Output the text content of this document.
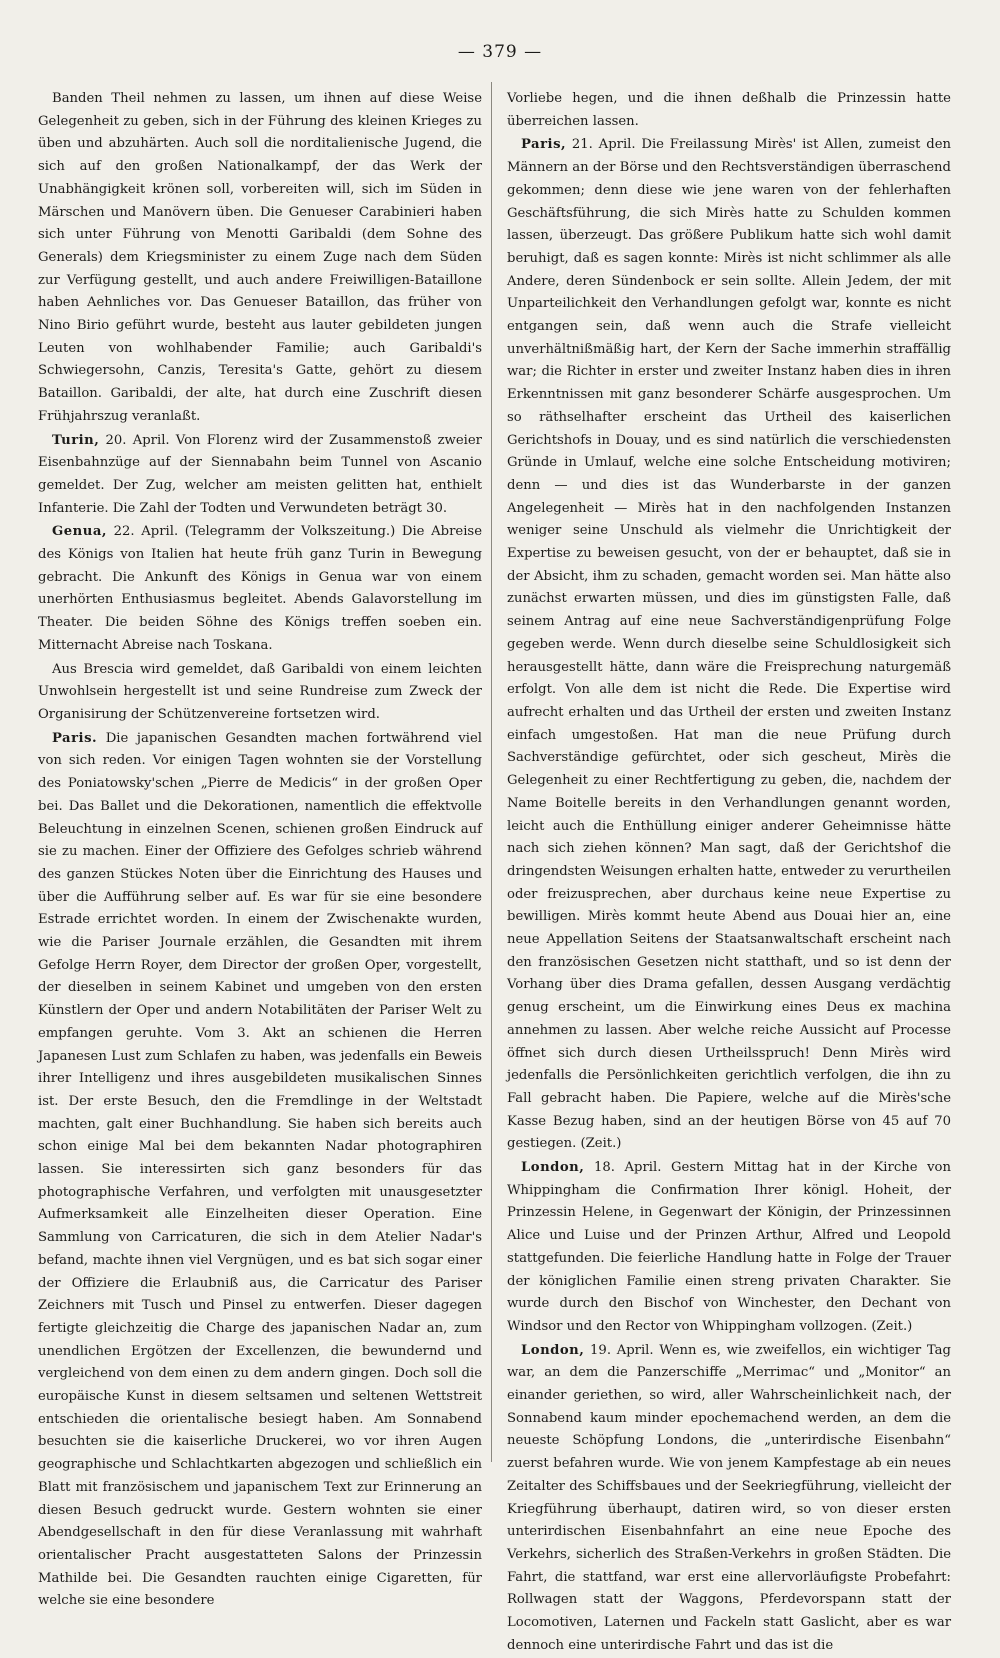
— 379 —

Banden Theil nehmen zu lassen, um ihnen auf diese Weise Gelegenheit zu geben, sich in der Führung des kleinen Krieges zu üben und abzuhärten. Auch soll die norditalienische Jugend, die sich auf den großen Nationalkampf, der das Werk der Unabhängigkeit krönen soll, vorbereiten will, sich im Süden in Märschen und Manövern üben. Die Genueser Carabinieri haben sich unter Führung von Menotti Garibaldi (dem Sohne des Generals) dem Kriegsminister zu einem Zuge nach dem Süden zur Verfügung gestellt, und auch andere Freiwilligen-Bataillone haben Aehnliches vor. Das Genueser Bataillon, das früher von Nino Birio geführt wurde, besteht aus lauter gebildeten jungen Leuten von wohlhabender Familie; auch Garibaldi's Schwiegersohn, Canzis, Teresita's Gatte, gehört zu diesem Bataillon. Garibaldi, der alte, hat durch eine Zuschrift diesen Frühjahrszug veranlaßt.

Turin, 20. April. Von Florenz wird der Zusammenstoß zweier Eisenbahnzüge auf der Siennabahn beim Tunnel von Ascanio gemeldet. Der Zug, welcher am meisten gelitten hat, enthielt Infanterie. Die Zahl der Todten und Verwundeten beträgt 30.

Genua, 22. April. (Telegramm der Volkszeitung.) Die Abreise des Königs von Italien hat heute früh ganz Turin in Bewegung gebracht. Die Ankunft des Königs in Genua war von einem unerhörten Enthusiasmus begleitet. Abends Galavorstellung im Theater. Die beiden Söhne des Königs treffen soeben ein. Mitternacht Abreise nach Toskana.

Aus Brescia wird gemeldet, daß Garibaldi von einem leichten Unwohlsein hergestellt ist und seine Rundreise zum Zweck der Organisirung der Schützenvereine fortsetzen wird.

Paris. Die japanischen Gesandten machen fortwährend viel von sich reden. Vor einigen Tagen wohnten sie der Vorstellung des Poniatowsky'schen „Pierre de Medicis“ in der großen Oper bei. Das Ballet und die Dekorationen, namentlich die effektvolle Beleuchtung in einzelnen Scenen, schienen großen Eindruck auf sie zu machen. Einer der Offiziere des Gefolges schrieb während des ganzen Stückes Noten über die Einrichtung des Hauses und über die Aufführung selber auf. Es war für sie eine besondere Estrade errichtet worden. In einem der Zwischenakte wurden, wie die Pariser Journale erzählen, die Gesandten mit ihrem Gefolge Herrn Royer, dem Director der großen Oper, vorgestellt, der dieselben in seinem Kabinet und umgeben von den ersten Künstlern der Oper und andern Notabilitäten der Pariser Welt zu empfangen geruhte. Vom 3. Akt an schienen die Herren Japanesen Lust zum Schlafen zu haben, was jedenfalls ein Beweis ihrer Intelligenz und ihres ausgebildeten musikalischen Sinnes ist. Der erste Besuch, den die Fremdlinge in der Weltstadt machten, galt einer Buchhandlung. Sie haben sich bereits auch schon einige Mal bei dem bekannten Nadar photographiren lassen. Sie interessirten sich ganz besonders für das photographische Verfahren, und verfolgten mit unausgesetzter Aufmerksamkeit alle Einzelheiten dieser Operation. Eine Sammlung von Carricaturen, die sich in dem Atelier Nadar's befand, machte ihnen viel Vergnügen, und es bat sich sogar einer der Offiziere die Erlaubniß aus, die Carricatur des Pariser Zeichners mit Tusch und Pinsel zu entwerfen. Dieser dagegen fertigte gleichzeitig die Charge des japanischen Nadar an, zum unendlichen Ergötzen der Excellenzen, die bewundernd und vergleichend von dem einen zu dem andern gingen. Doch soll die europäische Kunst in diesem seltsamen und seltenen Wettstreit entschieden die orientalische besiegt haben. Am Sonnabend besuchten sie die kaiserliche Druckerei, wo vor ihren Augen geographische und Schlachtkarten abgezogen und schließlich ein Blatt mit französischem und japanischem Text zur Erinnerung an diesen Besuch gedruckt wurde. Gestern wohnten sie einer Abendgesellschaft in den für diese Veranlassung mit wahrhaft orientalischer Pracht ausgestatteten Salons der Prinzessin Mathilde bei. Die Gesandten rauchten einige Cigaretten, für welche sie eine besondere

Vorliebe hegen, und die ihnen deßhalb die Prinzessin hatte überreichen lassen.

Paris, 21. April. Die Freilassung Mirès' ist Allen, zumeist den Männern an der Börse und den Rechtsverständigen überraschend gekommen; denn diese wie jene waren von der fehlerhaften Geschäftsführung, die sich Mirès hatte zu Schulden kommen lassen, überzeugt. Das größere Publikum hatte sich wohl damit beruhigt, daß es sagen konnte: Mirès ist nicht schlimmer als alle Andere, deren Sündenbock er sein sollte. Allein Jedem, der mit Unparteilichkeit den Verhandlungen gefolgt war, konnte es nicht entgangen sein, daß wenn auch die Strafe vielleicht unverhältnißmäßig hart, der Kern der Sache immerhin straffällig war; die Richter in erster und zweiter Instanz haben dies in ihren Erkenntnissen mit ganz besonderer Schärfe ausgesprochen. Um so räthselhafter erscheint das Urtheil des kaiserlichen Gerichtshofs in Douay, und es sind natürlich die verschiedensten Gründe in Umlauf, welche eine solche Entscheidung motiviren; denn — und dies ist das Wunderbarste in der ganzen Angelegenheit — Mirès hat in den nachfolgenden Instanzen weniger seine Unschuld als vielmehr die Unrichtigkeit der Expertise zu beweisen gesucht, von der er behauptet, daß sie in der Absicht, ihm zu schaden, gemacht worden sei. Man hätte also zunächst erwarten müssen, und dies im günstigsten Falle, daß seinem Antrag auf eine neue Sachverständigenprüfung Folge gegeben werde. Wenn durch dieselbe seine Schuldlosigkeit sich herausgestellt hätte, dann wäre die Freisprechung naturgemäß erfolgt. Von alle dem ist nicht die Rede. Die Expertise wird aufrecht erhalten und das Urtheil der ersten und zweiten Instanz einfach umgestoßen. Hat man die neue Prüfung durch Sachverständige gefürchtet, oder sich gescheut, Mirès die Gelegenheit zu einer Rechtfertigung zu geben, die, nachdem der Name Boitelle bereits in den Verhandlungen genannt worden, leicht auch die Enthüllung einiger anderer Geheimnisse hätte nach sich ziehen können? Man sagt, daß der Gerichtshof die dringendsten Weisungen erhalten hatte, entweder zu verurtheilen oder freizusprechen, aber durchaus keine neue Expertise zu bewilligen. Mirès kommt heute Abend aus Douai hier an, eine neue Appellation Seitens der Staatsanwaltschaft erscheint nach den französischen Gesetzen nicht statthaft, und so ist denn der Vorhang über dies Drama gefallen, dessen Ausgang verdächtig genug erscheint, um die Einwirkung eines Deus ex machina annehmen zu lassen. Aber welche reiche Aussicht auf Processe öffnet sich durch diesen Urtheilsspruch! Denn Mirès wird jedenfalls die Persönlichkeiten gerichtlich verfolgen, die ihn zu Fall gebracht haben. Die Papiere, welche auf die Mirès'sche Kasse Bezug haben, sind an der heutigen Börse von 45 auf 70 gestiegen. (Zeit.)

London, 18. April. Gestern Mittag hat in der Kirche von Whippingham die Confirmation Ihrer königl. Hoheit, der Prinzessin Helene, in Gegenwart der Königin, der Prinzessinnen Alice und Luise und der Prinzen Arthur, Alfred und Leopold stattgefunden. Die feierliche Handlung hatte in Folge der Trauer der königlichen Familie einen streng privaten Charakter. Sie wurde durch den Bischof von Winchester, den Dechant von Windsor und den Rector von Whippingham vollzogen. (Zeit.)

London, 19. April. Wenn es, wie zweifellos, ein wichtiger Tag war, an dem die Panzerschiffe „Merrimac“ und „Monitor“ an einander geriethen, so wird, aller Wahrscheinlichkeit nach, der Sonnabend kaum minder epochemachend werden, an dem die neueste Schöpfung Londons, die „unterirdische Eisenbahn“ zuerst befahren wurde. Wie von jenem Kampfestage ab ein neues Zeitalter des Schiffsbaues und der Seekriegführung, vielleicht der Kriegführung überhaupt, datiren wird, so von dieser ersten unterirdischen Eisenbahnfahrt an eine neue Epoche des Verkehrs, sicherlich des Straßen-Verkehrs in großen Städten. Die Fahrt, die stattfand, war erst eine allervorläufigste Probefahrt: Rollwagen statt der Waggons, Pferdevorspann statt der Locomotiven, Laternen und Fackeln statt Gaslicht, aber es war dennoch eine unterirdische Fahrt und das ist die
